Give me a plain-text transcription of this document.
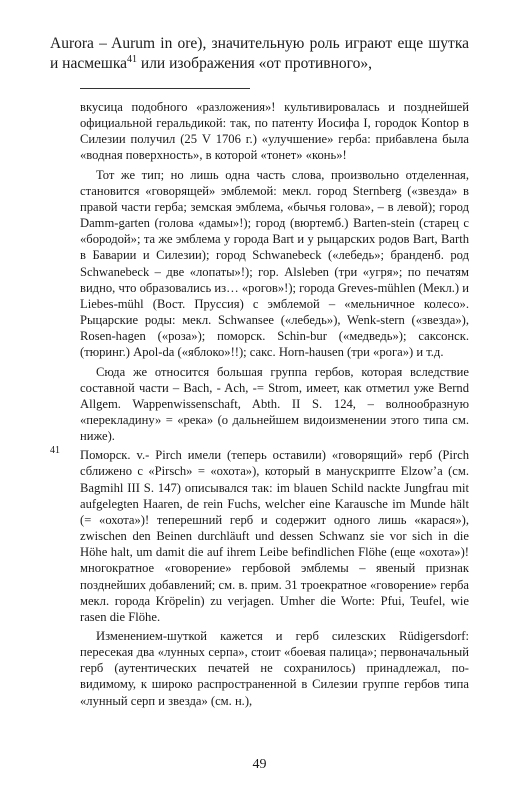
Aurora – Aurum in ore), значительную роль играют еще шутка и насмешка$^{41}$ или изображения «от противного»,

вкусица подобного «разложения»! культивировалась и позднейшей официальной геральдикой: так, по патенту Иосифа I, городок Kontop в Силезии получил (25 V 1706 г.) «улучшение» герба: прибавлена была «водная поверхность», в которой «тонет» «конь»!

Тот же тип; но лишь одна часть слова, произвольно отделенная, становится «говорящей» эмблемой: мекл. город Sternberg («звезда» в правой части герба; земская эмблема, «бычья голова», – в левой); город Damm-garten (голова «дамы»!); город (вюртемб.) Barten-stein (старец с «бородой»; та же эмблема у города Bart и у рыцарских родов Bart, Barth в Баварии и Силезии); город Schwanebeck («лебедь»; бранденб. род Schwanebeck – две «лопаты»!); гор. Alsleben (три «угря»; по печатям видно, что образовались из… «рогов»!); города Greves-mühlen (Мекл.) и Liebes-mühl (Вост. Пруссия) с эмблемой – «мельничное колесо». Рыцарские роды: мекл. Schwansee («лебедь»), Wenk-stern («звезда»), Rosen-hagen («роза»); поморск. Schin-bur («медведь»); саксонск. (тюринг.) Apol-da («яблоко»!!); сакс. Horn-hausen (три «рога») и т.д.

Сюда же относится большая группа гербов, которая вследствие составной части – Bach, - Ach, -= Strom, имеет, как отметил уже Bernd Allgem. Wappenwissenschaft, Abth. II S. 124, – волнообразную «перекладину» = «река» (о дальнейшем видоизменении этого типа см. ниже).

41 Поморск. v.- Pirch имели (теперь оставили) «говорящий» герб (Pirch сближено с «Pirsch» = «охота»), который в манускрипте Elzow’a (см. Bagmihl III S. 147) описывался так: im blauen Schild nackte Jungfrau mit aufgelegten Haaren, de rein Fuchs, welcher eine Karausche im Munde hält (= «охота»)! теперешний герб и содержит одного лишь «карася»), zwischen den Beinen durchläuft und dessen Schwanz sie vor sich in die Höhe halt, um damit die auf ihrem Leibe befindlichen Flöhe (еще «охота»)! многократное «говорение» гербовой эмблемы – явеный признак позднейших добавлений; см. в. прим. 31 троекратное «говорение» герба мекл. города Kröpelin) zu verjagen. Umher die Worte: Pfui, Teufel, wie rasen die Flöhe.

Изменением-шуткой кажется и герб силезских Rüdigersdorf: пересекая два «лунных серпа», стоит «боевая палица»; первоначальный герб (аутентических печатей не сохранилось) принадлежал, по-видимому, к широко распространенной в Силезии группе гербов типа «лунный серп и звезда» (см. н.),

49
